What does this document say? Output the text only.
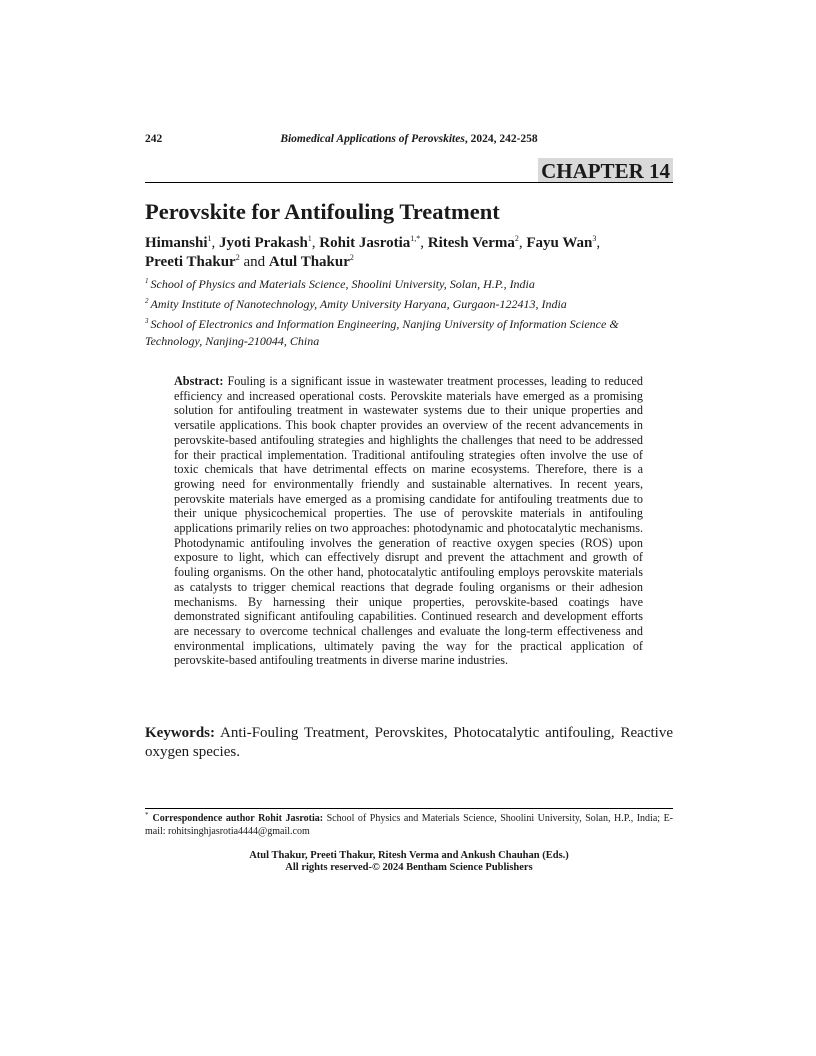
242	Biomedical Applications of Perovskites, 2024, 242-258
CHAPTER 14
Perovskite for Antifouling Treatment
Himanshi$^1$, Jyoti Prakash$^1$, Rohit Jasrotia$^{1,*}$, Ritesh Verma$^2$, Fayu Wan$^3$,
Preeti Thakur$^2$ and Atul Thakur$^2$

$^1$ School of Physics and Materials Science, Shoolini University, Solan, H.P., India

$^2$ Amity Institute of Nanotechnology, Amity University Haryana, Gurgaon-122413, India

$^3$ School of Electronics and Information Engineering, Nanjing University of Information Science & Technology, Nanjing-210044, China

Abstract: Fouling is a significant issue in wastewater treatment processes, leading to reduced efficiency and increased operational costs. Perovskite materials have emerged as a promising solution for antifouling treatment in wastewater systems due to their unique properties and versatile applications. This book chapter provides an overview of the recent advancements in perovskite-based antifouling strategies and highlights the challenges that need to be addressed for their practical implementation. Traditional antifouling strategies often involve the use of toxic chemicals that have detrimental effects on marine ecosystems. Therefore, there is a growing need for environmentally friendly and sustainable alternatives. In recent years, perovskite materials have emerged as a promising candidate for antifouling treatments due to their unique physicochemical properties. The use of perovskite materials in antifouling applications primarily relies on two approaches: photodynamic and photocatalytic mechanisms. Photodynamic antifouling involves the generation of reactive oxygen species (ROS) upon exposure to light, which can effectively disrupt and prevent the attachment and growth of fouling organisms. On the other hand, photocatalytic antifouling employs perovskite materials as catalysts to trigger chemical reactions that degrade fouling organisms or their adhesion mechanisms. By harnessing their unique properties, perovskite-based coatings have demonstrated significant antifouling capabilities. Continued research and development efforts are necessary to overcome technical challenges and evaluate the long-term effectiveness and environmental implications, ultimately paving the way for the practical application of perovskite-based antifouling treatments in diverse marine industries.

Keywords: Anti-Fouling Treatment, Perovskites, Photocatalytic antifouling, Reactive oxygen species.

* Correspondence author Rohit Jasrotia: School of Physics and Materials Science, Shoolini University, Solan, H.P., India; E-mail: rohitsinghjasrotia4444@gmail.com

Atul Thakur, Preeti Thakur, Ritesh Verma and Ankush Chauhan (Eds.)
All rights reserved-© 2024 Bentham Science Publishers
